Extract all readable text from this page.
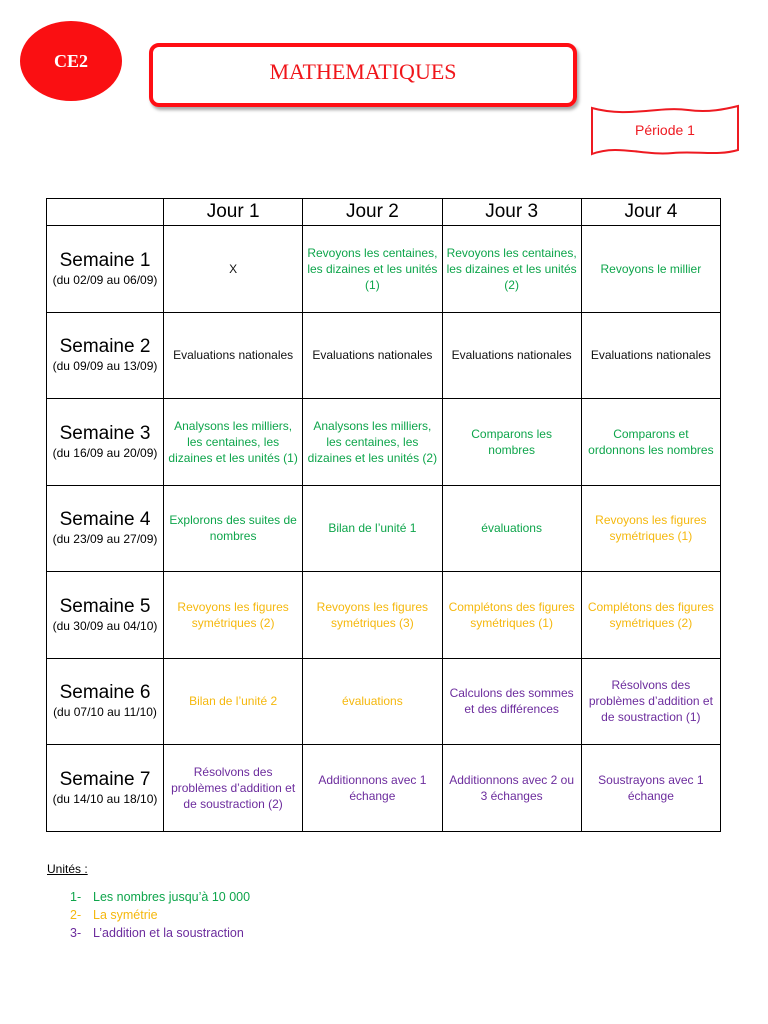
CE2	MATHEMATIQUES
Période 1
	Jour 1	Jour 2	Jour 3	Jour 4

Semaine 1
(du 02/09 au 06/09)	X	Revoyons les centaines, les dizaines et les unités (1)	Revoyons les centaines, les dizaines et les unités (2)	Revoyons le millier

Semaine 2
(du 09/09 au 13/09)	Evaluations nationales	Evaluations nationales	Evaluations nationales	Evaluations nationales

Semaine 3
(du 16/09 au 20/09)	Analysons les milliers, les centaines, les dizaines et les unités (1)	Analysons les milliers, les centaines, les dizaines et les unités (2)	Comparons les nombres	Comparons et ordonnons les nombres

Semaine 4
(du 23/09 au 27/09)	Explorons des suites de nombres	Bilan de l’unité 1	évaluations	Revoyons les figures symétriques (1)

Semaine 5
(du 30/09 au 04/10)	Revoyons les figures symétriques (2)	Revoyons les figures symétriques (3)	Complétons des figures symétriques (1)	Complétons des figures symétriques (2)

Semaine 6
(du 07/10 au 11/10)	Bilan de l’unité 2	évaluations	Calculons des sommes et des différences	Résolvons des problèmes d’addition et de soustraction (1)

Semaine 7
(du 14/10 au 18/10)	Résolvons des problèmes d’addition et de soustraction (2)	Additionnons avec 1 échange	Additionnons avec 2 ou 3 échanges	Soustrayons avec 1 échange
Unités :
1- Les nombres jusqu’à 10 000
2- La symétrie
3- L’addition et la soustraction
